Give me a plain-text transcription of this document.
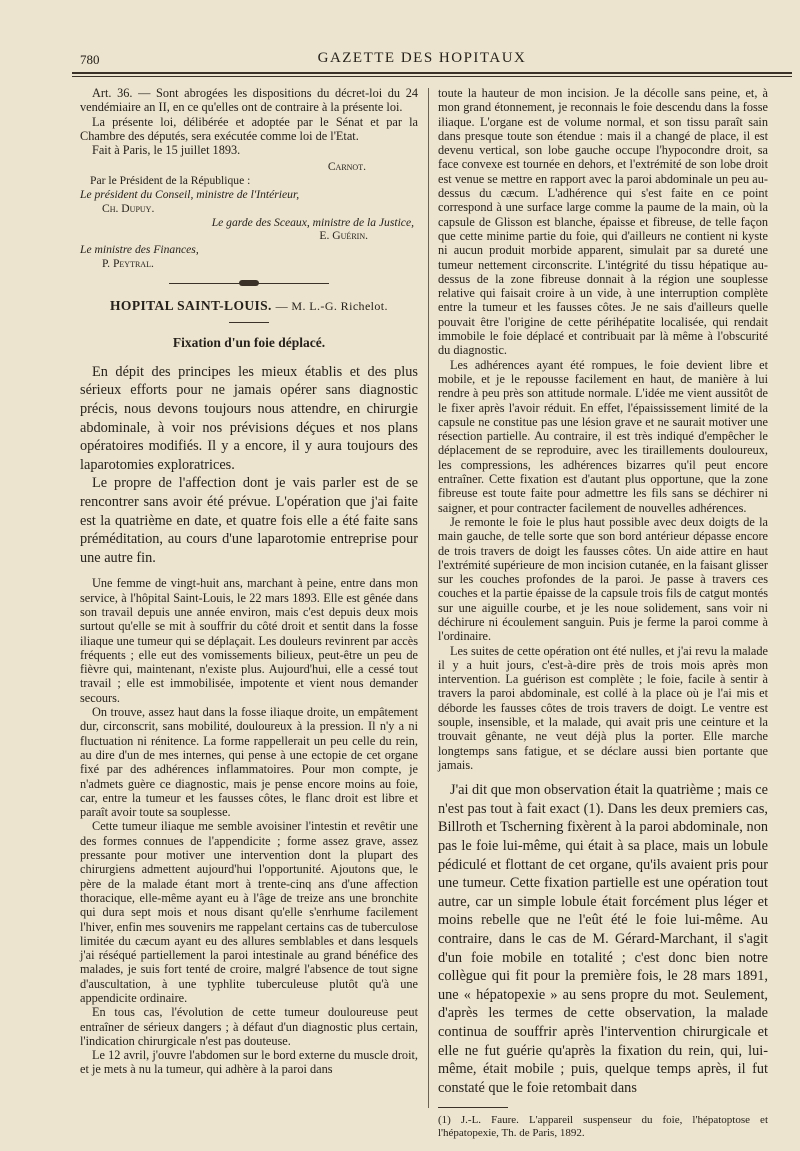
780	GAZETTE DES HOPITAUX

Art. 36. — Sont abrogées les dispositions du décret-loi du 24 vendémiaire an II, en ce qu'elles ont de contraire à la présente loi.

La présente loi, délibérée et adoptée par le Sénat et par la Chambre des députés, sera exécutée comme loi de l'Etat.

Fait à Paris, le 15 juillet 1893.

Carnot.

Par le Président de la République :

Le président du Conseil, ministre de l'Intérieur,

Ch. Dupuy.

Le garde des Sceaux, ministre de la Justice,

E. Guérin.

Le ministre des Finances,

P. Peytral.

HOPITAL SAINT-LOUIS. — M. L.-G. Richelot.

Fixation d'un foie déplacé.

En dépit des principes les mieux établis et des plus sérieux efforts pour ne jamais opérer sans diagnostic précis, nous devons toujours nous attendre, en chirurgie abdominale, à voir nos prévisions déçues et nos plans opératoires modifiés. Il y a encore, il y aura toujours des laparotomies exploratrices.

Le propre de l'affection dont je vais parler est de se rencontrer sans avoir été prévue. L'opération que j'ai faite est la quatrième en date, et quatre fois elle a été faite sans préméditation, au cours d'une laparotomie entreprise pour une autre fin.

Une femme de vingt-huit ans, marchant à peine, entre dans mon service, à l'hôpital Saint-Louis, le 22 mars 1893. Elle est gênée dans son travail depuis une année environ, mais c'est depuis deux mois surtout qu'elle se mit à souffrir du côté droit et sentit dans la fosse iliaque une tumeur qui se déplaçait. Les douleurs revinrent par accès fréquents ; elle eut des vomissements bilieux, peut-être un peu de fièvre qui, maintenant, n'existe plus. Aujourd'hui, elle a cessé tout travail ; elle est immobilisée, impotente et vient nous demander secours.

On trouve, assez haut dans la fosse iliaque droite, un empâtement dur, circonscrit, sans mobilité, douloureux à la pression. Il n'y a ni fluctuation ni rénitence. La forme rappellerait un peu celle du rein, au dire d'un de mes internes, qui pense à une ectopie de cet organe fixé par des adhérences inflammatoires. Pour mon compte, je n'admets guère ce diagnostic, mais je pense encore moins au foie, car, entre la tumeur et les fausses côtes, le flanc droit est libre et paraît avoir toute sa souplesse.

Cette tumeur iliaque me semble avoisiner l'intestin et revêtir une des formes connues de l'appendicite ; forme assez grave, assez pressante pour motiver une intervention dont la plupart des chirurgiens admettent aujourd'hui l'opportunité. Ajoutons que, le père de la malade étant mort à trente-cinq ans d'une affection thoracique, elle-même ayant eu à l'âge de treize ans une bronchite qui dura sept mois et nous disant qu'elle s'enrhume facilement l'hiver, enfin mes souvenirs me rappelant certains cas de tuberculose limitée du cæcum ayant eu des allures semblables et dans lesquels j'ai réséqué partiellement la paroi intestinale au grand bénéfice des malades, je suis fort tenté de croire, malgré l'absence de tout signe d'auscultation, à une typhlite tuberculeuse plutôt qu'à une appendicite ordinaire.

En tous cas, l'évolution de cette tumeur douloureuse peut entraîner de sérieux dangers ; à défaut d'un diagnostic plus certain, l'indication chirurgicale n'est pas douteuse.

Le 12 avril, j'ouvre l'abdomen sur le bord externe du muscle droit, et je mets à nu la tumeur, qui adhère à la paroi dans

toute la hauteur de mon incision. Je la décolle sans peine, et, à mon grand étonnement, je reconnais le foie descendu dans la fosse iliaque. L'organe est de volume normal, et son tissu paraît sain dans presque toute son étendue : mais il a changé de place, il est devenu vertical, son lobe gauche occupe l'hypocondre droit, sa face convexe est tournée en dehors, et l'extrémité de son lobe droit est venue se mettre en rapport avec la paroi abdominale un peu au-dessus du cæcum. L'adhérence qui s'est faite en ce point correspond à une surface large comme la paume de la main, où la capsule de Glisson est blanche, épaisse et fibreuse, de telle façon que cette minime partie du foie, qui d'ailleurs ne contient ni kyste ni aucun produit morbide apparent, simulait par sa dureté une tumeur nettement circonscrite. L'intégrité du tissu hépatique au-dessus de la zone fibreuse donnait à la région une souplesse relative qui faisait croire à un vide, à une interruption complète entre la tumeur et les fausses côtes. Je ne sais d'ailleurs quelle pouvait être l'origine de cette périhépatite localisée, qui rendait immobile le foie déplacé et contribuait par là même à l'obscurité du diagnostic.

Les adhérences ayant été rompues, le foie devient libre et mobile, et je le repousse facilement en haut, de manière à lui rendre à peu près son attitude normale. L'idée me vient aussitôt de le fixer après l'avoir réduit. En effet, l'épaississement limité de la capsule ne constitue pas une lésion grave et ne saurait motiver une résection partielle. Au contraire, il est très indiqué d'empêcher le déplacement de se reproduire, avec les tiraillements douloureux, les compressions, les adhérences bizarres qu'il peut encore entraîner. Cette fixation est d'autant plus opportune, que la zone fibreuse est toute faite pour admettre les fils sans se déchirer ni saigner, et pour contracter facilement de nouvelles adhérences.

Je remonte le foie le plus haut possible avec deux doigts de la main gauche, de telle sorte que son bord antérieur dépasse encore de trois travers de doigt les fausses côtes. Un aide attire en haut l'extrémité supérieure de mon incision cutanée, en la faisant glisser sur les couches profondes de la paroi. Je passe à travers ces couches et la partie épaisse de la capsule trois fils de catgut montés sur une aiguille courbe, et je les noue solidement, sans voir ni déchirure ni écoulement sanguin. Puis je ferme la paroi comme à l'ordinaire.

Les suites de cette opération ont été nulles, et j'ai revu la malade il y a huit jours, c'est-à-dire près de trois mois après mon intervention. La guérison est complète ; le foie, facile à sentir à travers la paroi abdominale, est collé à la place où je l'ai mis et déborde les fausses côtes de trois travers de doigt. Le ventre est souple, insensible, et la malade, qui avait pris une ceinture et la trouvait gênante, ne veut déjà plus la porter. Elle marche longtemps sans fatigue, et se déclare aussi bien portante que jamais.

J'ai dit que mon observation était la quatrième ; mais ce n'est pas tout à fait exact (1). Dans les deux premiers cas, Billroth et Tscherning fixèrent à la paroi abdominale, non pas le foie lui-même, qui était à sa place, mais un lobule pédiculé et flottant de cet organe, qu'ils avaient pris pour une tumeur. Cette fixation partielle est une opération tout autre, car un simple lobule était forcément plus léger et moins rebelle que ne l'eût été le foie lui-même. Au contraire, dans le cas de M. Gérard-Marchant, il s'agit d'un foie mobile en totalité ; c'est donc bien notre collègue qui fit pour la première fois, le 28 mars 1891, une « hépatopexie » au sens propre du mot. Seulement, d'après les termes de cette observation, la malade continua de souffrir après l'intervention chirurgicale et elle ne fut guérie qu'après la fixation du rein, qui, lui-même, était mobile ; puis, quelque temps après, il fut constaté que le foie retombait dans

(1) J.-L. Faure. L'appareil suspenseur du foie, l'hépatoptose et l'hépatopexie, Th. de Paris, 1892.
